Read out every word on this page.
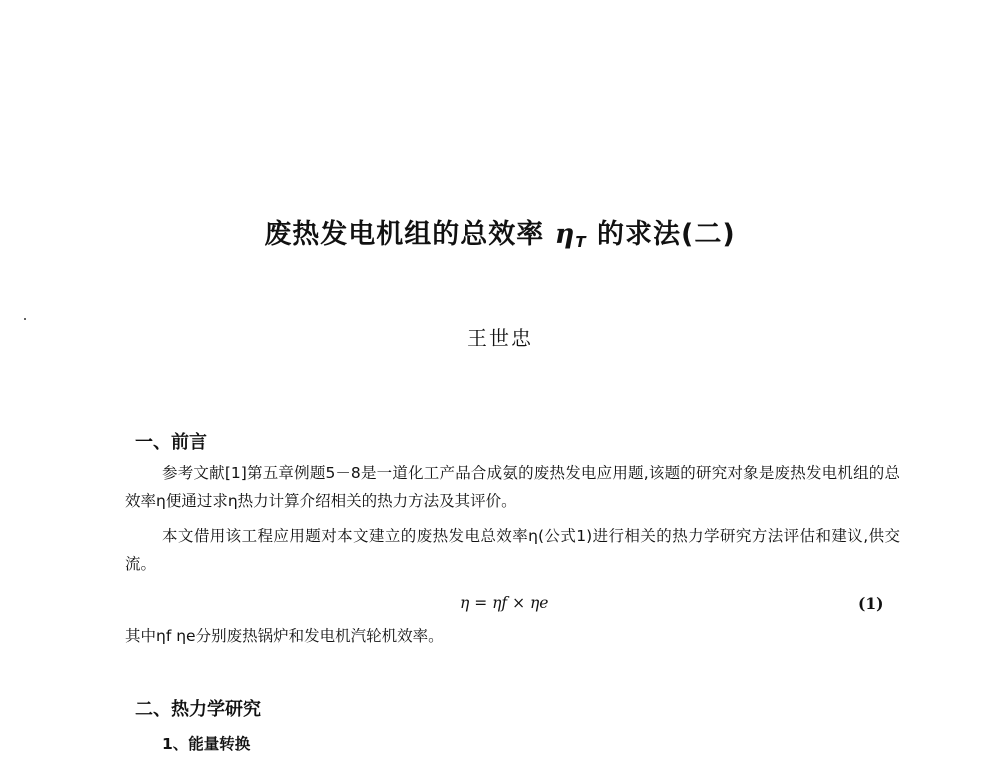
废热发电机组的总效率 $\eta_T$ 的求法(二)
王世忠
一、前言
参考文献[1]第五章例题5－8是一道化工产品合成氨的废热发电应用题,该题的研究对象是废热发电机组的总效率η便通过求η热力计算介绍相关的热力方法及其评价。
本文借用该工程应用题对本文建立的废热发电总效率η(公式1)进行相关的热力学研究方法评估和建议,供交流。
η = ηf × ηe	(1)
其中ηf ηe分别废热锅炉和发电机汽轮机效率。
二、热力学研究
1、能量转换
